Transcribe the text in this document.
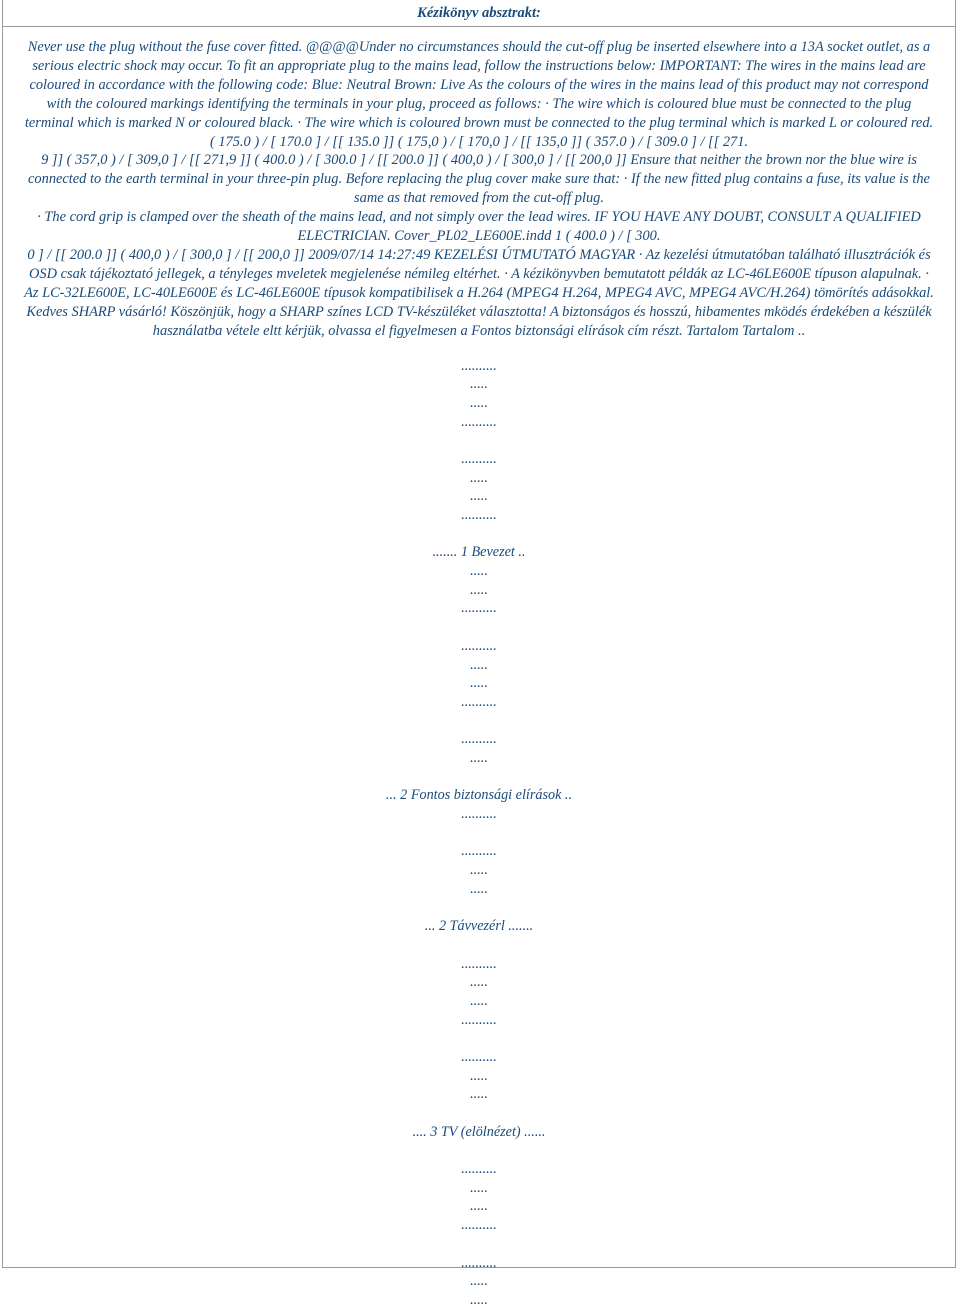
Kézikönyv absztrakt:

Never use the plug without the fuse cover fitted. @@@@Under no circumstances should the cut-off plug be inserted elsewhere into a 13A socket outlet, as a

serious electric shock may occur. To fit an appropriate plug to the mains lead, follow the instructions below: IMPORTANT: The wires in the mains lead are

coloured in accordance with the following code: Blue: Neutral Brown: Live As the colours of the wires in the mains lead of this product may not correspond

with the coloured markings identifying the terminals in your plug, proceed as follows: · The wire which is coloured blue must be connected to the plug

terminal which is marked N or coloured black. · The wire which is coloured brown must be connected to the plug terminal which is marked L or coloured red.

( 175.0 ) / [ 170.0 ] / [[ 135.0 ]] ( 175,0 ) / [ 170,0 ] / [[ 135,0 ]] ( 357.0 ) / [ 309.0 ] / [[ 271.

9 ]] ( 357,0 ) / [ 309,0 ] / [[ 271,9 ]] ( 400.0 ) / [ 300.0 ] / [[ 200.0 ]] ( 400,0 ) / [ 300,0 ] / [[ 200,0 ]] Ensure that neither the brown nor the blue wire is

connected to the earth terminal in your three-pin plug. Before replacing the plug cover make sure that: · If the new fitted plug contains a fuse, its value is the

same as that removed from the cut-off plug.

· The cord grip is clamped over the sheath of the mains lead, and not simply over the lead wires. IF YOU HAVE ANY DOUBT, CONSULT A QUALIFIED

ELECTRICIAN. Cover_PL02_LE600E.indd 1 ( 400.0 ) / [ 300.

0 ] / [[ 200.0 ]] ( 400,0 ) / [ 300,0 ] / [[ 200,0 ]] 2009/07/14 14:27:49 KEZELÉSI ÚTMUTATÓ MAGYAR · Az kezelési útmutatóban található illusztrációk és

OSD csak tájékoztató jellegek, a tényleges mveletek megjelenése némileg eltérhet. · A kézikönyvben bemutatott példák az LC-46LE600E típuson alapulnak. ·

Az LC-32LE600E, LC-40LE600E és LC-46LE600E típusok kompatibilisek a H.264 (MPEG4 H.264, MPEG4 AVC, MPEG4 AVC/H.264) tömörítés adásokkal.

Kedves SHARP vásárló! Köszönjük, hogy a SHARP színes LCD TV-készüléket választotta! A biztonságos és hosszú, hibamentes mködés érdekében a készülék

használatba vétele eltt kérjük, olvassa el figyelmesen a Fontos biztonsági elírások cím részt. Tartalom Tartalom ..

..........
.....
.....
..........
..........
.....
.....
..........
....... 1 Bevezet ..
.....
.....
..........
..........
.....
.....
..........
..........
.....
... 2 Fontos biztonsági elírások ..
..........
..........
.....
.....
... 2 Távvezérl .......
..........
.....
.....
..........
..........
.....
.....
.... 3 TV (elölnézet) ......
..........
.....
.....
..........
..........
.....
.....
